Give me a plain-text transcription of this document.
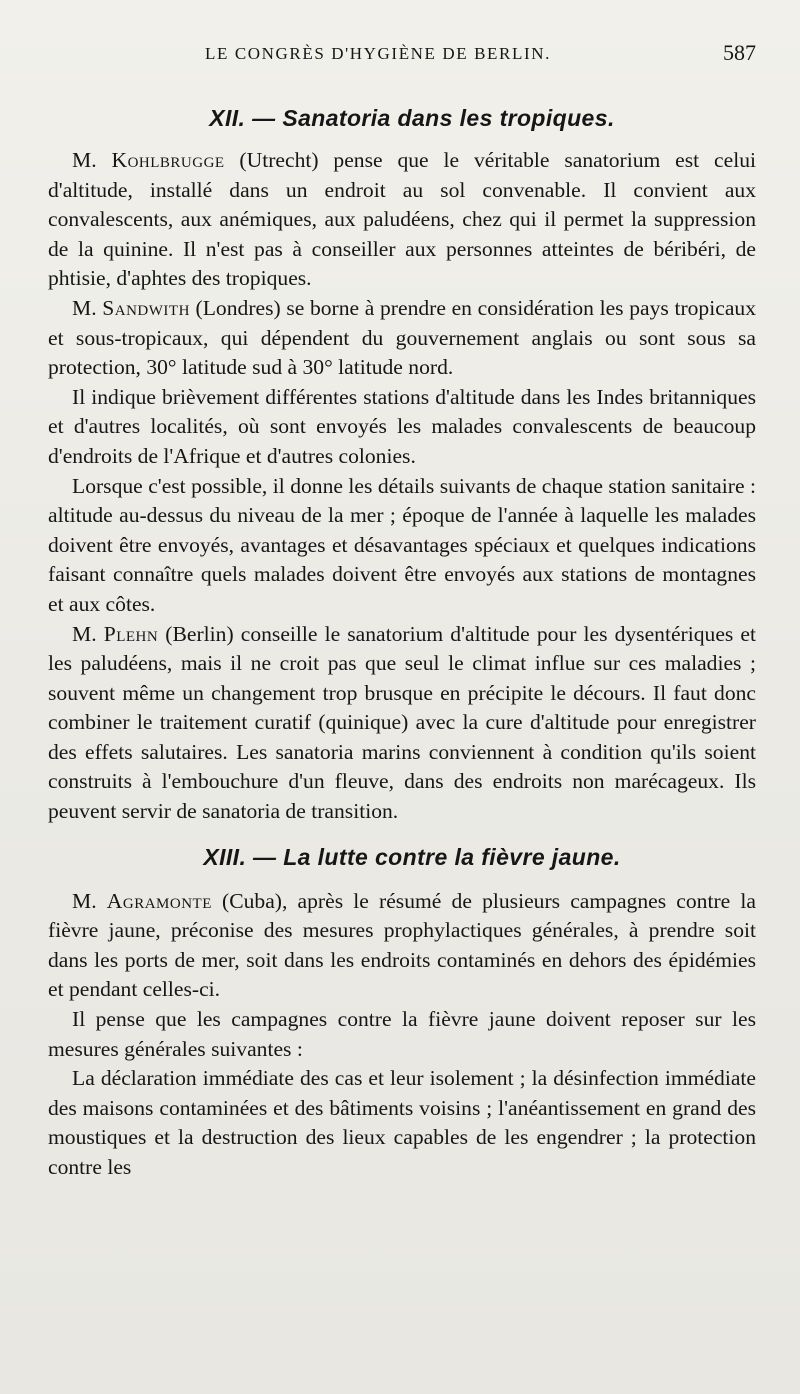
LE CONGRÈS D'HYGIÈNE DE BERLIN.	587
XII. — Sanatoria dans les tropiques.

M. Kohlbrugge (Utrecht) pense que le véritable sanatorium est celui d'altitude, installé dans un endroit au sol convenable. Il convient aux convalescents, aux anémiques, aux paludéens, chez qui il permet la suppression de la quinine. Il n'est pas à conseiller aux personnes atteintes de béribéri, de phtisie, d'aphtes des tropiques.

M. Sandwith (Londres) se borne à prendre en considération les pays tropicaux et sous-tropicaux, qui dépendent du gouvernement anglais ou sont sous sa protection, 30° latitude sud à 30° latitude nord.

Il indique brièvement différentes stations d'altitude dans les Indes britanniques et d'autres localités, où sont envoyés les malades convalescents de beaucoup d'endroits de l'Afrique et d'autres colonies.

Lorsque c'est possible, il donne les détails suivants de chaque station sanitaire : altitude au-dessus du niveau de la mer ; époque de l'année à laquelle les malades doivent être envoyés, avantages et désavantages spéciaux et quelques indications faisant connaître quels malades doivent être envoyés aux stations de montagnes et aux côtes.

M. Plehn (Berlin) conseille le sanatorium d'altitude pour les dysentériques et les paludéens, mais il ne croit pas que seul le climat influe sur ces maladies ; souvent même un changement trop brusque en précipite le décours. Il faut donc combiner le traitement curatif (quinique) avec la cure d'altitude pour enregistrer des effets salutaires. Les sanatoria marins conviennent à condition qu'ils soient construits à l'embouchure d'un fleuve, dans des endroits non marécageux. Ils peuvent servir de sanatoria de transition.

XIII. — La lutte contre la fièvre jaune.

M. Agramonte (Cuba), après le résumé de plusieurs campagnes contre la fièvre jaune, préconise des mesures prophylactiques générales, à prendre soit dans les ports de mer, soit dans les endroits contaminés en dehors des épidémies et pendant celles-ci.

Il pense que les campagnes contre la fièvre jaune doivent reposer sur les mesures générales suivantes :

La déclaration immédiate des cas et leur isolement ; la désinfection immédiate des maisons contaminées et des bâtiments voisins ; l'anéantissement en grand des moustiques et la destruction des lieux capables de les engendrer ; la protection contre les
